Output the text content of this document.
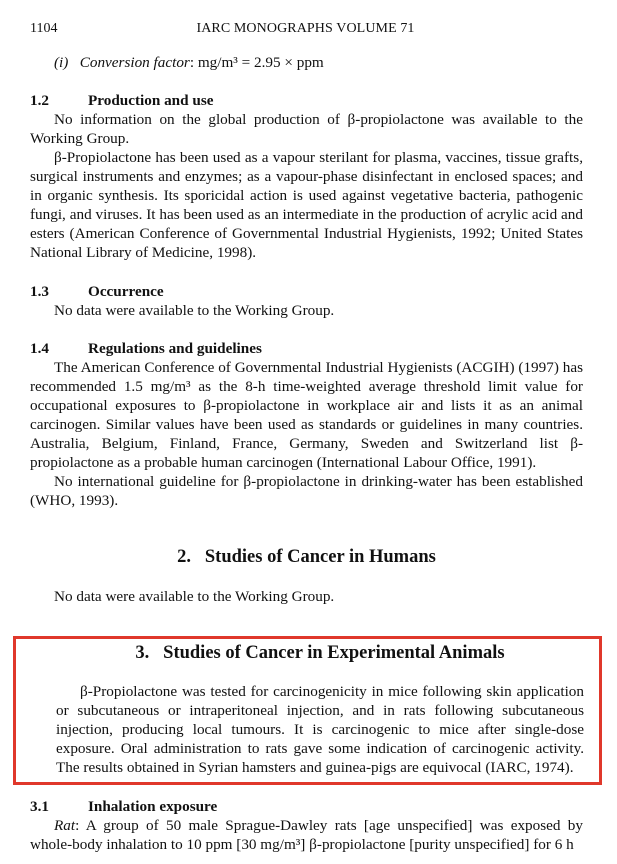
1104	IARC MONOGRAPHS VOLUME 71

(i) Conversion factor: mg/m³ = 2.95 × ppm

1.2	Production and use

No information on the global production of β-propiolactone was available to the Working Group.

β-Propiolactone has been used as a vapour sterilant for plasma, vaccines, tissue grafts, surgical instruments and enzymes; as a vapour-phase disinfectant in enclosed spaces; and in organic synthesis. Its sporicidal action is used against vegetative bacteria, pathogenic fungi, and viruses. It has been used as an intermediate in the production of acrylic acid and esters (American Conference of Governmental Industrial Hygienists, 1992; United States National Library of Medicine, 1998).

1.3	Occurrence

No data were available to the Working Group.

1.4	Regulations and guidelines

The American Conference of Governmental Industrial Hygienists (ACGIH) (1997) has recommended 1.5 mg/m³ as the 8-h time-weighted average threshold limit value for occupational exposures to β-propiolactone in workplace air and lists it as an animal carcinogen. Similar values have been used as standards or guidelines in many countries. Australia, Belgium, Finland, France, Germany, Sweden and Switzerland list β-propiolactone as a probable human carcinogen (International Labour Office, 1991).

No international guideline for β-propiolactone in drinking-water has been established (WHO, 1993).

2.   Studies of Cancer in Humans

No data were available to the Working Group.

3.   Studies of Cancer in Experimental Animals

β-Propiolactone was tested for carcinogenicity in mice following skin application or subcutaneous or intraperitoneal injection, and in rats following subcutaneous injection, producing local tumours. It is carcinogenic to mice after single-dose exposure. Oral administration to rats gave some indication of carcinogenic activity. The results obtained in Syrian hamsters and guinea-pigs are equivocal (IARC, 1974).

3.1	Inhalation exposure

Rat: A group of 50 male Sprague-Dawley rats [age unspecified] was exposed by whole-body inhalation to 10 ppm [30 mg/m³] β-propiolactone [purity unspecified] for 6 h
